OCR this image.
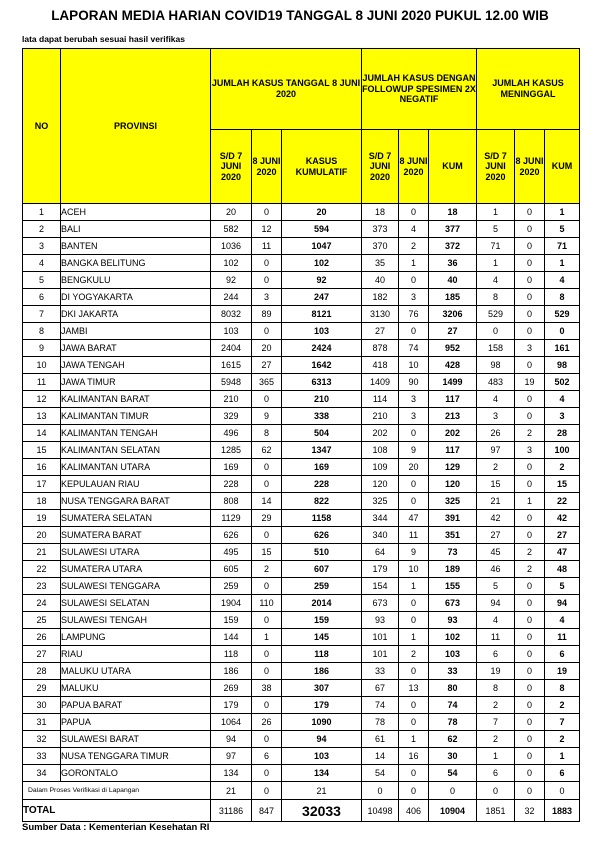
LAPORAN MEDIA HARIAN COVID19 TANGGAL 8 JUNI 2020 PUKUL 12.00 WIB
lata dapat berubah sesuai hasil verifikas
NO	PROVINSI	JUMLAH KASUS TANGGAL 8 JUNI 2020			JUMLAH KASUS DENGAN FOLLOWUP SPESIMEN 2X NEGATIF			JUMLAH KASUS MENINGGAL		
		S/D 7 JUNI 2020	8 JUNI 2020	KASUS KUMULATIF	S/D 7 JUNI 2020	8 JUNI 2020	KUM	S/D 7 JUNI 2020	8 JUNI 2020	KUM
1	ACEH	20	0	20	18	0	18	1	0	1
2	BALI	582	12	594	373	4	377	5	0	5
3	BANTEN	1036	11	1047	370	2	372	71	0	71
4	BANGKA BELITUNG	102	0	102	35	1	36	1	0	1
5	BENGKULU	92	0	92	40	0	40	4	0	4
6	DI YOGYAKARTA	244	3	247	182	3	185	8	0	8
7	DKI JAKARTA	8032	89	8121	3130	76	3206	529	0	529
8	JAMBI	103	0	103	27	0	27	0	0	0
9	JAWA BARAT	2404	20	2424	878	74	952	158	3	161
10	JAWA TENGAH	1615	27	1642	418	10	428	98	0	98
11	JAWA TIMUR	5948	365	6313	1409	90	1499	483	19	502
12	KALIMANTAN BARAT	210	0	210	114	3	117	4	0	4
13	KALIMANTAN TIMUR	329	9	338	210	3	213	3	0	3
14	KALIMANTAN TENGAH	496	8	504	202	0	202	26	2	28
15	KALIMANTAN SELATAN	1285	62	1347	108	9	117	97	3	100
16	KALIMANTAN UTARA	169	0	169	109	20	129	2	0	2
17	KEPULAUAN RIAU	228	0	228	120	0	120	15	0	15
18	NUSA TENGGARA BARAT	808	14	822	325	0	325	21	1	22
19	SUMATERA SELATAN	1129	29	1158	344	47	391	42	0	42
20	SUMATERA BARAT	626	0	626	340	11	351	27	0	27
21	SULAWESI UTARA	495	15	510	64	9	73	45	2	47
22	SUMATERA UTARA	605	2	607	179	10	189	46	2	48
23	SULAWESI TENGGARA	259	0	259	154	1	155	5	0	5
24	SULAWESI SELATAN	1904	110	2014	673	0	673	94	0	94
25	SULAWESI TENGAH	159	0	159	93	0	93	4	0	4
26	LAMPUNG	144	1	145	101	1	102	11	0	11
27	RIAU	118	0	118	101	2	103	6	0	6
28	MALUKU UTARA	186	0	186	33	0	33	19	0	19
29	MALUKU	269	38	307	67	13	80	8	0	8
30	PAPUA BARAT	179	0	179	74	0	74	2	0	2
31	PAPUA	1064	26	1090	78	0	78	7	0	7
32	SULAWESI BARAT	94	0	94	61	1	62	2	0	2
33	NUSA TENGGARA TIMUR	97	6	103	14	16	30	1	0	1
34	GORONTALO	134	0	134	54	0	54	6	0	6
Dalam Proses Verifikasi di Lapangan		21	0	21	0	0	0	0	0	0
TOTAL		31186	847	32033	10498	406	10904	1851	32	1883
Sumber Data : Kementerian Kesehatan RI
